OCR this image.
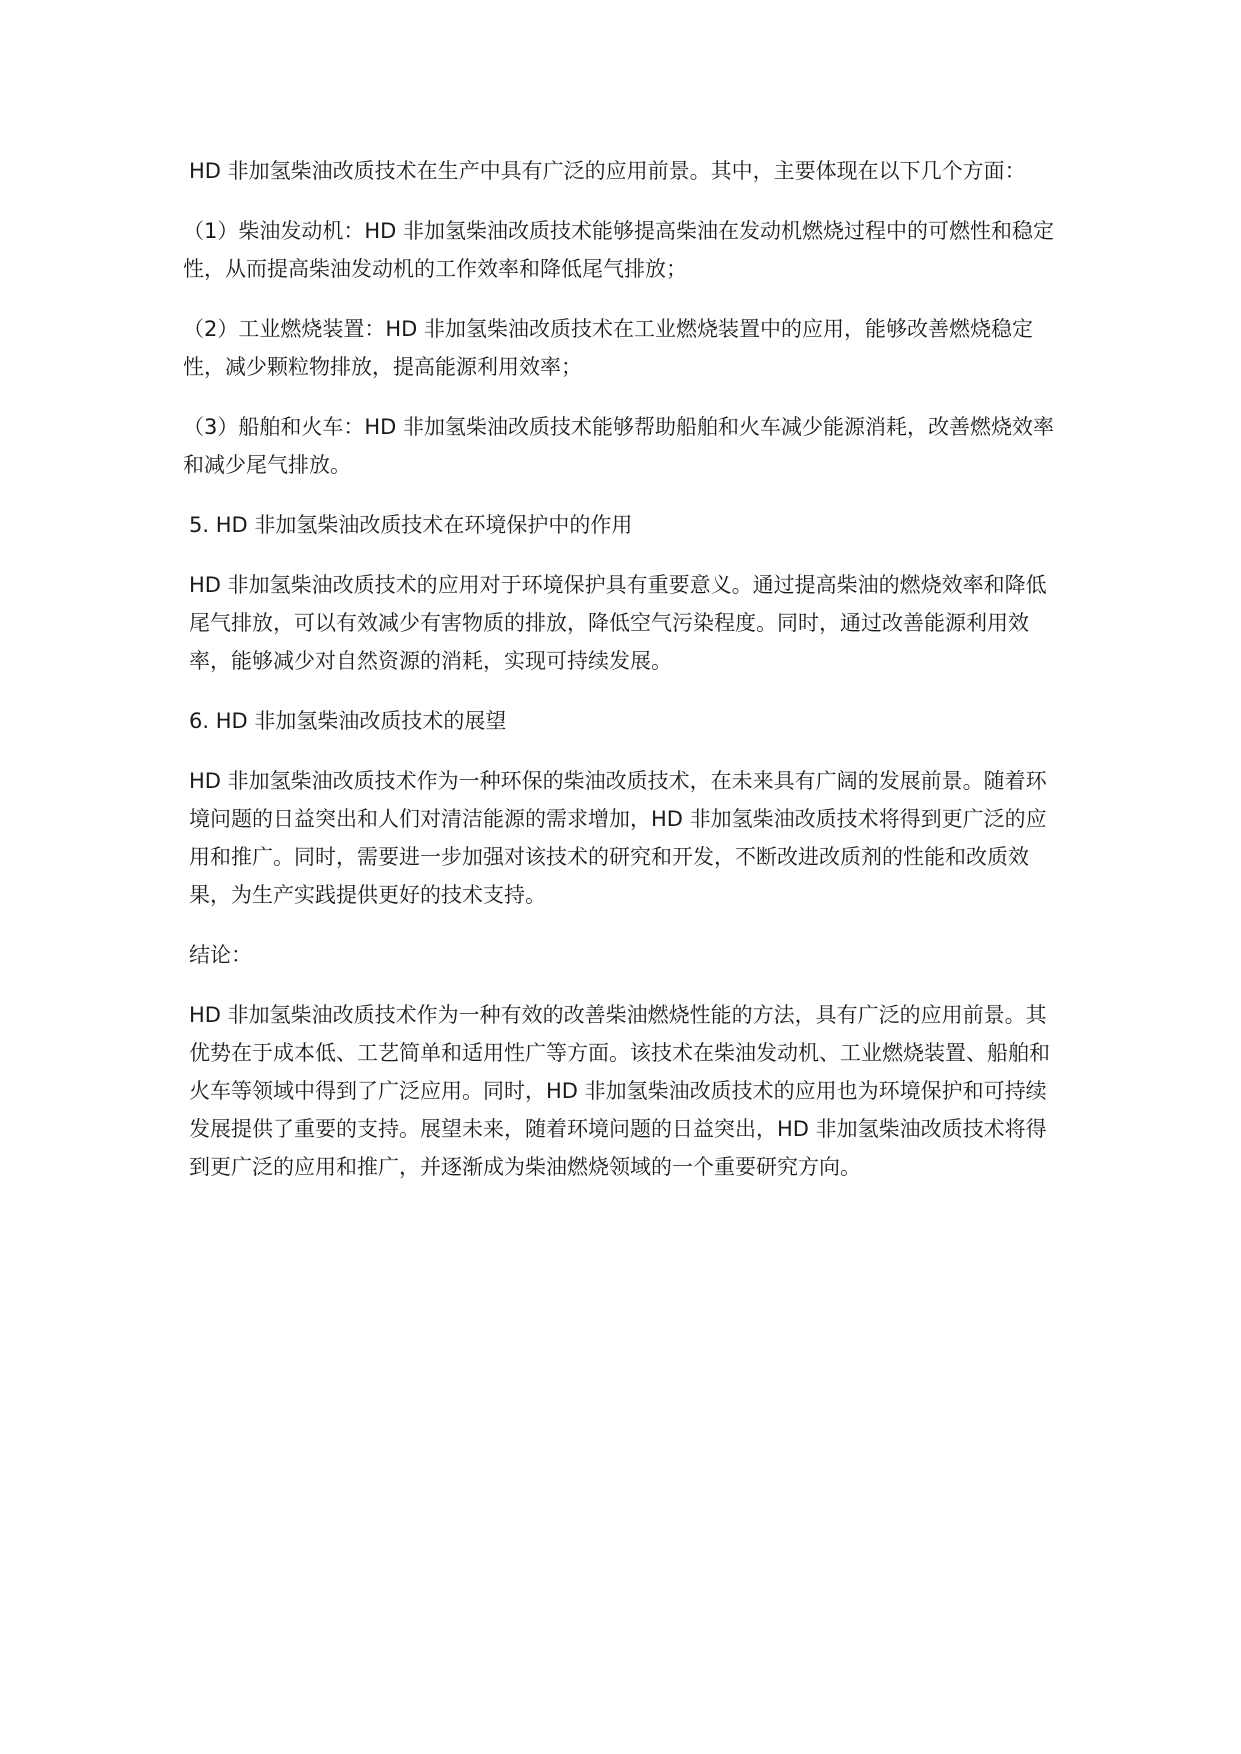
HD 非加氢柴油改质技术在生产中具有广泛的应用前景。其中，主要体现在以下几个方面：

（1）柴油发动机：HD 非加氢柴油改质技术能够提高柴油在发动机燃烧过程中的可燃性和稳定性，从而提高柴油发动机的工作效率和降低尾气排放；

（2）工业燃烧装置：HD 非加氢柴油改质技术在工业燃烧装置中的应用，能够改善燃烧稳定性，减少颗粒物排放，提高能源利用效率；

（3）船舶和火车：HD 非加氢柴油改质技术能够帮助船舶和火车减少能源消耗，改善燃烧效率和减少尾气排放。

5. HD 非加氢柴油改质技术在环境保护中的作用

HD 非加氢柴油改质技术的应用对于环境保护具有重要意义。通过提高柴油的燃烧效率和降低尾气排放，可以有效减少有害物质的排放，降低空气污染程度。同时，通过改善能源利用效率，能够减少对自然资源的消耗，实现可持续发展。

6. HD 非加氢柴油改质技术的展望

HD 非加氢柴油改质技术作为一种环保的柴油改质技术，在未来具有广阔的发展前景。随着环境问题的日益突出和人们对清洁能源的需求增加，HD 非加氢柴油改质技术将得到更广泛的应用和推广。同时，需要进一步加强对该技术的研究和开发，不断改进改质剂的性能和改质效果，为生产实践提供更好的技术支持。

结论：

HD 非加氢柴油改质技术作为一种有效的改善柴油燃烧性能的方法，具有广泛的应用前景。其优势在于成本低、工艺简单和适用性广等方面。该技术在柴油发动机、工业燃烧装置、船舶和火车等领域中得到了广泛应用。同时，HD 非加氢柴油改质技术的应用也为环境保护和可持续发展提供了重要的支持。展望未来，随着环境问题的日益突出，HD 非加氢柴油改质技术将得到更广泛的应用和推广，并逐渐成为柴油燃烧领域的一个重要研究方向。
